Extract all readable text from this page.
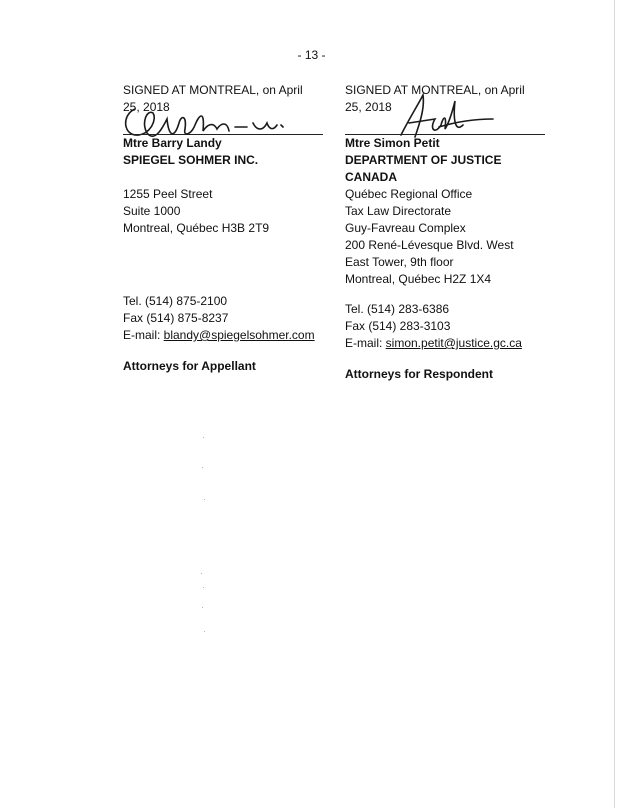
- 13 -
SIGNED AT MONTREAL, on April
25, 2018
Mtre Barry Landy
SPIEGEL SOHMER INC.
1255 Peel Street
Suite 1000
Montreal, Québec H3B 2T9
Tel. (514) 875-2100
Fax (514) 875-8237
E-mail: blandy@spiegelsohmer.com
Attorneys for Appellant
SIGNED AT MONTREAL, on April
25, 2018
Mtre Simon Petit
DEPARTMENT OF JUSTICE
CANADA
Québec Regional Office
Tax Law Directorate
Guy-Favreau Complex
200 René-Lévesque Blvd. West
East Tower, 9th floor
Montreal, Québec H2Z 1X4
Tel. (514) 283-6386
Fax (514) 283-3103
E-mail: simon.petit@justice.gc.ca
Attorneys for Respondent
·
·
·
·
·
·
·
